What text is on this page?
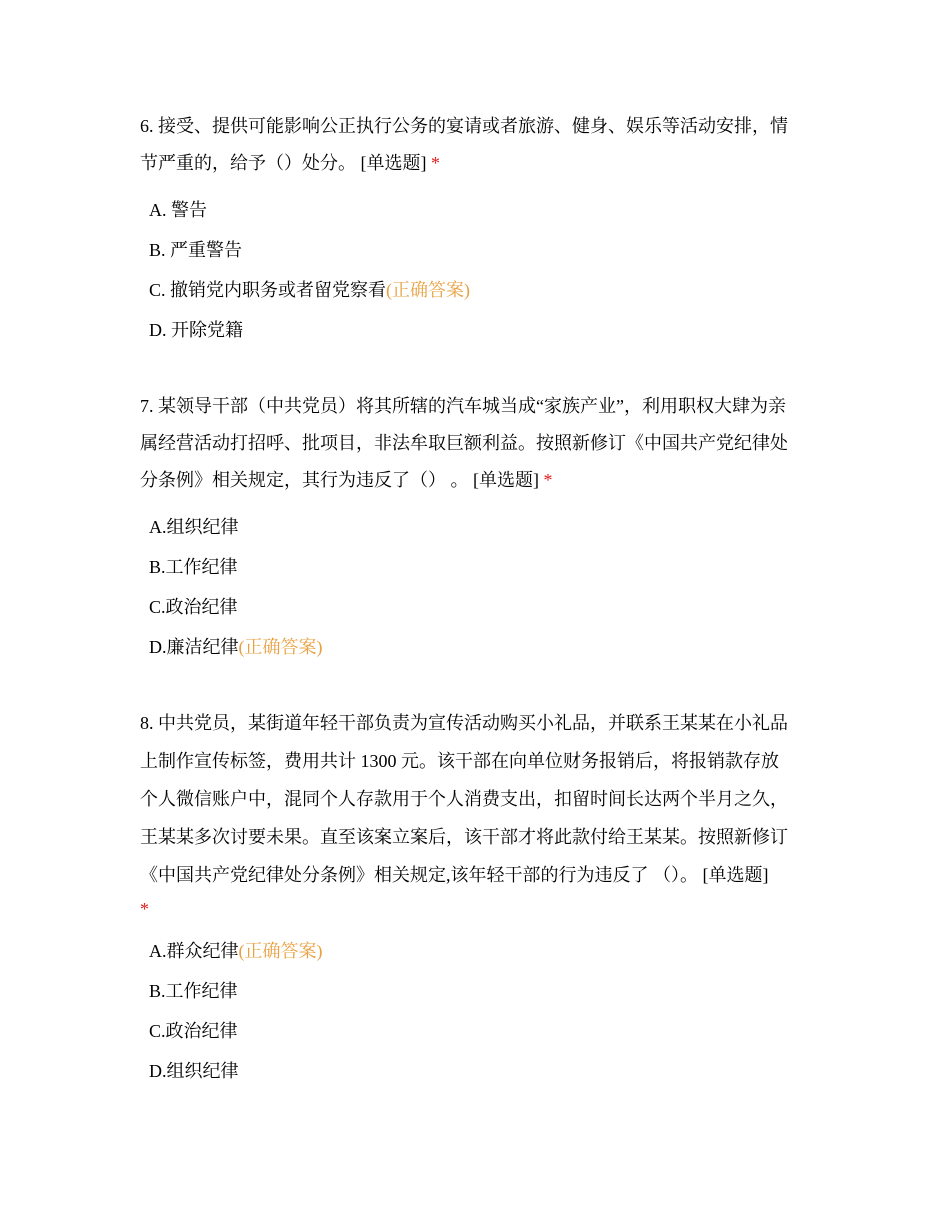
6. 接受、提供可能影响公正执行公务的宴请或者旅游、健身、娱乐等活动安排，情
节严重的，给予（）处分。 [单选题] *
A. 警告
B. 严重警告
C. 撤销党内职务或者留党察看(正确答案)
D. 开除党籍
7. 某领导干部（中共党员）将其所辖的汽车城当成“家族产业”，利用职权大肆为亲
属经营活动打招呼、批项目，非法牟取巨额利益。按照新修订《中国共产党纪律处
分条例》相关规定，其行为违反了（） 。 [单选题] *
A.组织纪律
B.工作纪律
C.政治纪律
D.廉洁纪律(正确答案)
8. 中共党员，某街道年轻干部负责为宣传活动购买小礼品，并联系王某某在小礼品
上制作宣传标签，费用共计 1300 元。该干部在向单位财务报销后，将报销款存放
个人微信账户中，混同个人存款用于个人消费支出，扣留时间长达两个半月之久，
王某某多次讨要未果。直至该案立案后，该干部才将此款付给王某某。按照新修订
《中国共产党纪律处分条例》相关规定,该年轻干部的行为违反了 （）。 [单选题]
*
A.群众纪律(正确答案)
B.工作纪律
C.政治纪律
D.组织纪律
